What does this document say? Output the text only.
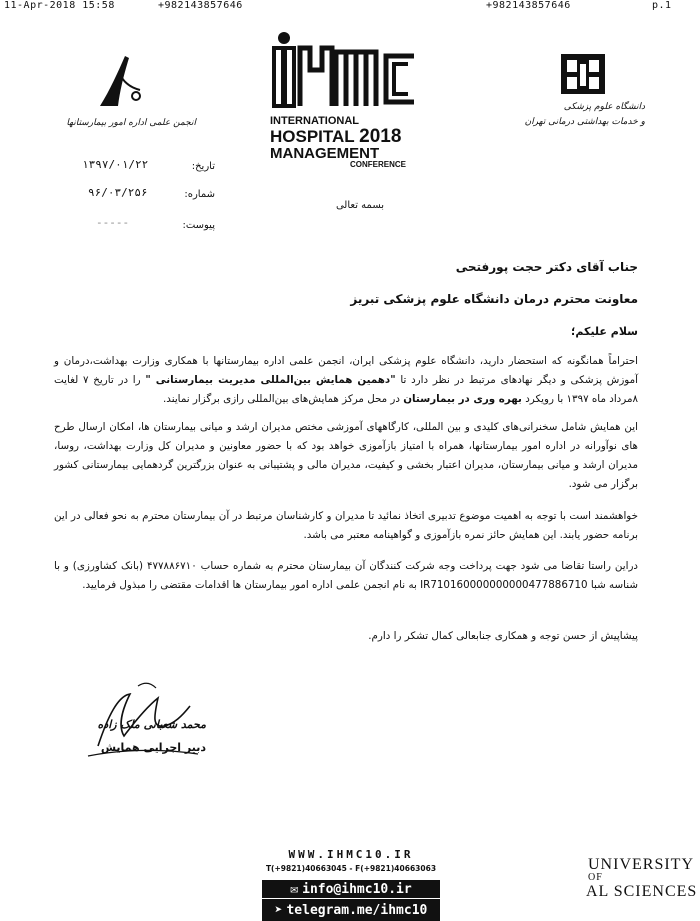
11-Apr-2018 15:58	+982143857646	+982143857646	p.1
انجمن علمی اداره امور بیمارستانها	INTERNATIONAL
HOSPITAL 2018
MANAGEMENT
CONFERENCE
دانشگاه علوم پزشکی
و خدمات بهداشتی درمانی تهران
تاریخ:
۱۳۹۷/۰۱/۲۲
شماره:
۹۶/۰۳/۲۵۶
پیوست:
-----
بسمه تعالی
جناب آقای دکتر حجت پورفتحی
معاونت محترم درمان دانشگاه علوم پزشکی تبریز
سلام علیکم؛
احتراماً همانگونه که استحضار دارید، دانشگاه علوم پزشکی ایران، انجمن علمی اداره بیمارستانها با همکاری وزارت بهداشت،درمان و آموزش پزشکی و دیگر نهادهای مرتبط در نظر دارد تا "دهمین همایش بین‌المللی مدیریت بیمارستانی " را در تاریخ ۷ لغایت ۸مرداد ماه ۱۳۹۷ با رویکرد بهره وری در بیمارستان در محل مرکز همایش‌های بین‌المللی رازی برگزار نمایند.
این همایش شامل سخنرانی‌های کلیدی و بین المللی، کارگاههای آموزشی مختص مدیران ارشد و میانی بیمارستان ها، امکان ارسال طرح های نوآورانه در اداره امور بیمارستانها، همراه با امتیاز بازآموزی خواهد بود که با حضور معاونین و مدیران کل وزارت بهداشت، روسا، مدیران ارشد و میانی بیمارستان، مدیران اعتبار بخشی و کیفیت، مدیران مالی و پشتیبانی به عنوان بزرگترین گردهمایی بیمارستانی کشور برگزار می شود.
خواهشمند است با توجه به اهمیت موضوع تدبیری اتخاذ نمائید تا مدیران و کارشناسان مرتبط در آن بیمارستان محترم به نحو فعالی در این برنامه حضور یابند. این همایش حائز نمره بازآموزی و گواهینامه معتبر می باشد.
دراین راستا تقاضا می شود جهت پرداخت وجه شرکت کنندگان آن بیمارستان محترم به شماره حساب ۴۷۷۸۸۶۷۱۰ (بانک کشاورزی) و با شناسه شبا IR710160000000000477886710 به نام انجمن علمی اداره امور بیمارستان ها اقدامات مقتضی را مبذول فرمایید.
پیشاپیش از حسن توجه و همکاری جنابعالی کمال تشکر را دارم.
محمد شعبانی ملک زاده
دبیر اجرایی همایش
WWW.IHMC10.IR
T(+9821)40663045 - F(+9821)40663063
✉ info@ihmc10.ir
➤ telegram.me/ihmc10
UNIVERSITY
OF
AL SCIENCES
